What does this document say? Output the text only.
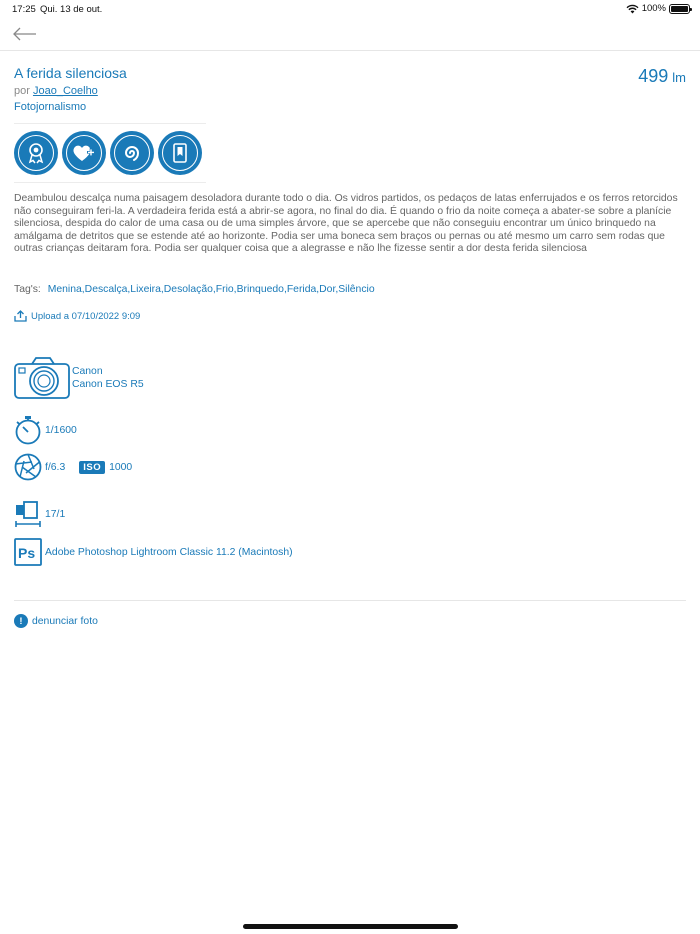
17:25 Qui. 13 de out.	100%
A ferida silenciosa	499 lm
por Joao_Coelho
Fotojornalismo
Deambulou descalça numa paisagem desoladora durante todo o dia. Os vidros partidos, os pedaços de latas enferrujados e os ferros retorcidos não conseguiram feri-la. A verdadeira ferida está a abrir-se agora, no final do dia. É quando o frio da noite começa a abater-se sobre a planície silenciosa, despida do calor de uma casa ou de uma simples árvore, que se apercebe que não conseguiu encontrar um único brinquedo na amálgama de detritos que se estende até ao horizonte. Podia ser uma boneca sem braços ou pernas ou até mesmo um carro sem rodas que outras crianças deitaram fora. Podia ser qualquer coisa que a alegrasse e não lhe fizesse sentir a dor desta ferida silenciosa
Tag's: Menina,Descalça,Lixeira,Desolação,Frio,Brinquedo,Ferida,Dor,Silêncio
Upload a 07/10/2022 9:09
Canon
Canon EOS R5
1/1600
f/6.3	ISO 1000
17/1
Ps Adobe Photoshop Lightroom Classic 11.2 (Macintosh)
! denunciar foto
